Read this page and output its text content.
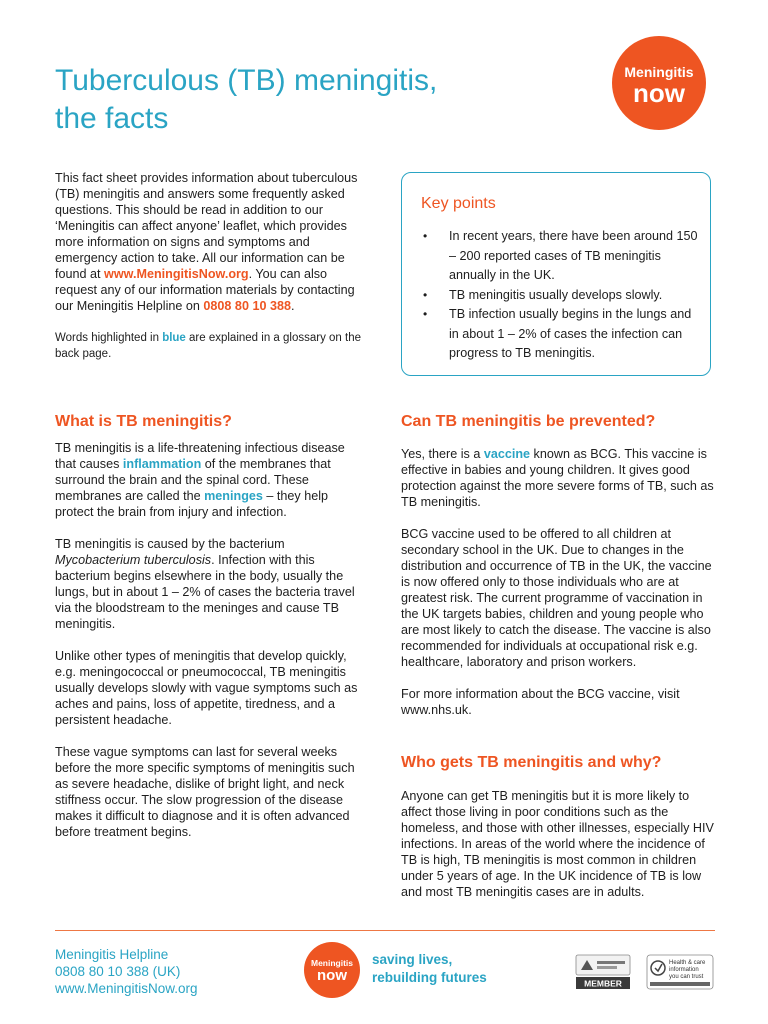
Tuberculous (TB) meningitis,
the facts
Meningitis
now

This fact sheet provides information about tuberculous (TB) meningitis and answers some frequently asked questions. This should be read in addition to our ‘Meningitis can affect anyone’ leaflet, which provides more information on signs and symptoms and emergency action to take. All our information can be found at www.MeningitisNow.org. You can also request any of our information materials by contacting our Meningitis Helpline on 0808 80 10 388.

Words highlighted in blue are explained in a glossary on the back page.

Key points
• In recent years, there have been around 150 – 200 reported cases of TB meningitis annually in the UK.
• TB meningitis usually develops slowly.
• TB infection usually begins in the lungs and in about 1 – 2% of cases the infection can progress to TB meningitis.
What is TB meningitis?

TB meningitis is a life-threatening infectious disease that causes inflammation of the membranes that surround the brain and the spinal cord. These membranes are called the meninges – they help protect the brain from injury and infection.

TB meningitis is caused by the bacterium Mycobacterium tuberculosis. Infection with this bacterium begins elsewhere in the body, usually the lungs, but in about 1 – 2% of cases the bacteria travel via the bloodstream to the meninges and cause TB meningitis.

Unlike other types of meningitis that develop quickly, e.g. meningococcal or pneumococcal, TB meningitis usually develops slowly with vague symptoms such as aches and pains, loss of appetite, tiredness, and a persistent headache.

These vague symptoms can last for several weeks before the more specific symptoms of meningitis such as severe headache, dislike of bright light, and neck stiffness occur. The slow progression of the disease makes it difficult to diagnose and it is often advanced before treatment begins.

Can TB meningitis be prevented?

Yes, there is a vaccine known as BCG. This vaccine is effective in babies and young children. It gives good protection against the more severe forms of TB, such as TB meningitis.

BCG vaccine used to be offered to all children at secondary school in the UK. Due to changes in the distribution and occurrence of TB in the UK, the vaccine is now offered only to those individuals who are at greatest risk. The current programme of vaccination in the UK targets babies, children and young people who are most likely to catch the disease. The vaccine is also recommended for individuals at occupational risk e.g. healthcare, laboratory and prison workers.

For more information about the BCG vaccine, visit www.nhs.uk.

Who gets TB meningitis and why?

Anyone can get TB meningitis but it is more likely to affect those living in poor conditions such as the homeless, and those with other illnesses, especially HIV infections. In areas of the world where the incidence of TB is high, TB meningitis is most common in children under 5 years of age. In the UK incidence of TB is low and most TB meningitis cases are in adults.

Meningitis Helpline
0808 80 10 388 (UK)
www.MeningitisNow.org
Meningitis
now
saving lives,
rebuilding futures	MEMBER
Health & care
information
you can trust
